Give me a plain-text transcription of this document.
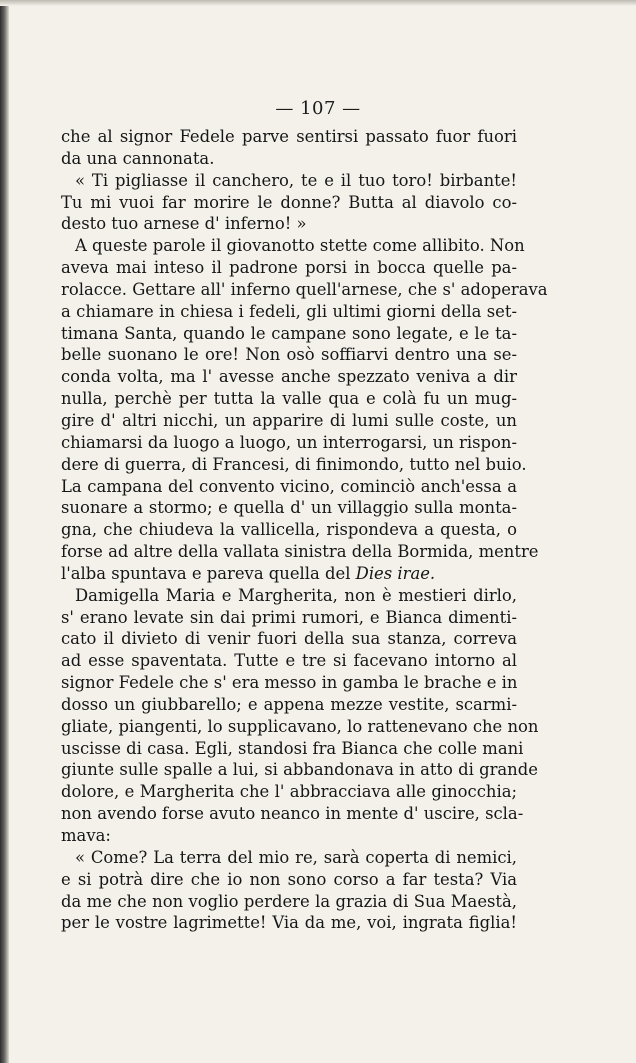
— 107 —
che al signor Fedele parve sentirsi passato fuor fuori
da una cannonata.
« Ti pigliasse il canchero, te e il tuo toro! birbante!
Tu mi vuoi far morire le donne? Butta al diavolo co-
desto tuo arnese d' inferno! »
A queste parole il giovanotto stette come allibito. Non
aveva mai inteso il padrone porsi in bocca quelle pa-
rolacce. Gettare all' inferno quell'arnese, che s' adoperava
a chiamare in chiesa i fedeli, gli ultimi giorni della set-
timana Santa, quando le campane sono legate, e le ta-
belle suonano le ore! Non osò soffiarvi dentro una se-
conda volta, ma l' avesse anche spezzato veniva a dir
nulla, perchè per tutta la valle qua e colà fu un mug-
gire d' altri nicchi, un apparire di lumi sulle coste, un
chiamarsi da luogo a luogo, un interrogarsi, un rispon-
dere di guerra, di Francesi, di finimondo, tutto nel buio.
La campana del convento vicino, cominciò anch'essa a
suonare a stormo; e quella d' un villaggio sulla monta-
gna, che chiudeva la vallicella, rispondeva a questa, o
forse ad altre della vallata sinistra della Bormida, mentre
l'alba spuntava e pareva quella del Dies irae.
Damigella Maria e Margherita, non è mestieri dirlo,
s' erano levate sin dai primi rumori, e Bianca dimenti-
cato il divieto di venir fuori della sua stanza, correva
ad esse spaventata. Tutte e tre si facevano intorno al
signor Fedele che s' era messo in gamba le brache e in
dosso un giubbarello; e appena mezze vestite, scarmi-
gliate, piangenti, lo supplicavano, lo rattenevano che non
uscisse di casa. Egli, standosi fra Bianca che colle mani
giunte sulle spalle a lui, si abbandonava in atto di grande
dolore, e Margherita che l' abbracciava alle ginocchia;
non avendo forse avuto neanco in mente d' uscire, scla-
mava:
« Come? La terra del mio re, sarà coperta di nemici,
e si potrà dire che io non sono corso a far testa? Via
da me che non voglio perdere la grazia di Sua Maestà,
per le vostre lagrimette! Via da me, voi, ingrata figlia!
